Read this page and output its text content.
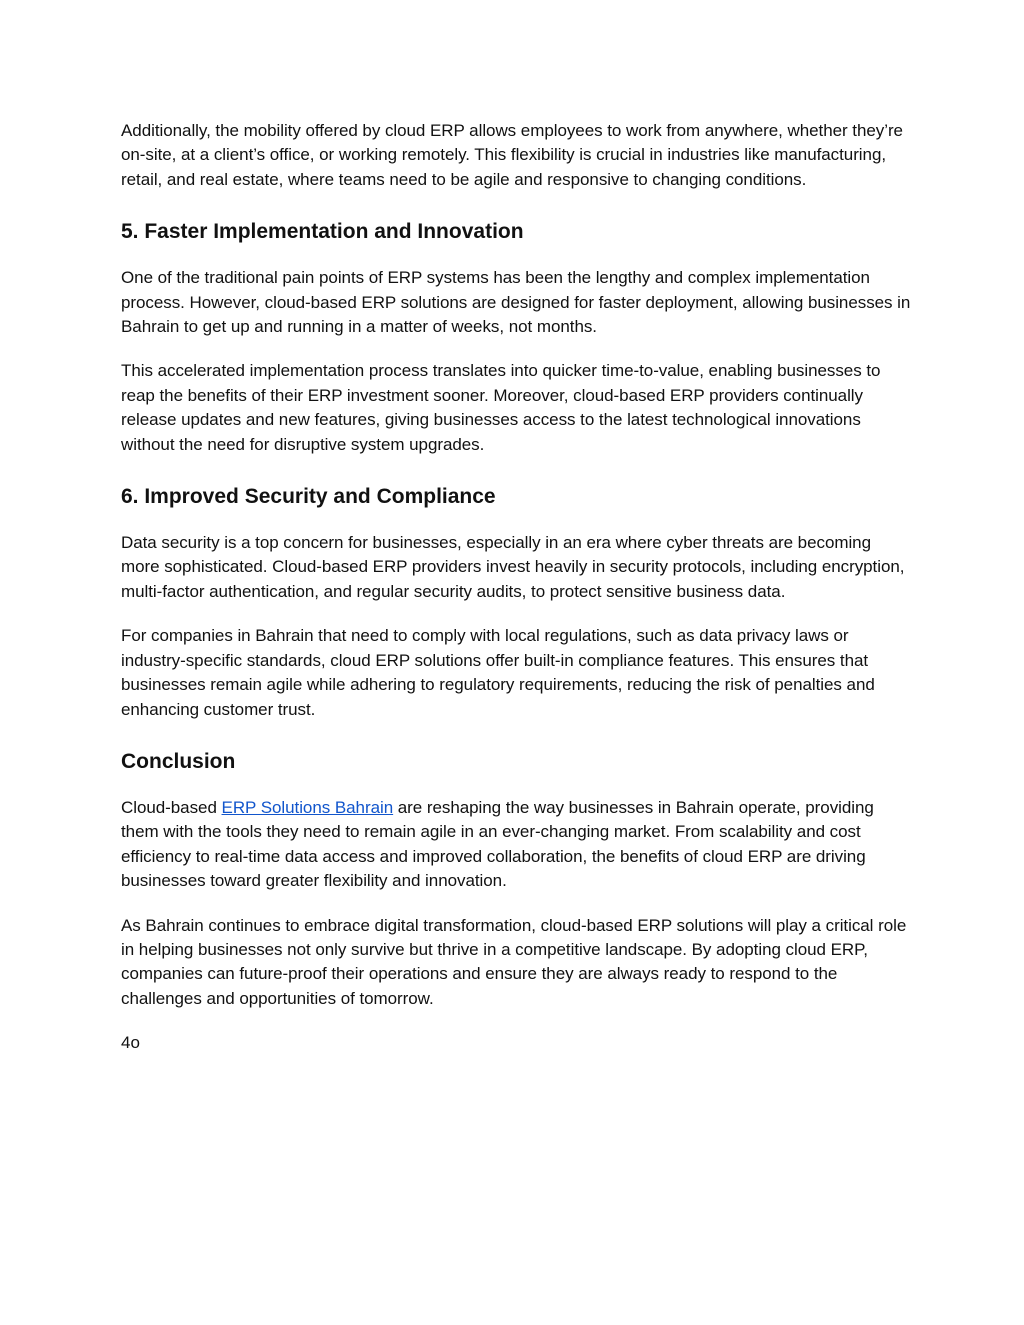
Additionally, the mobility offered by cloud ERP allows employees to work from anywhere, whether they’re on-site, at a client’s office, or working remotely. This flexibility is crucial in industries like manufacturing, retail, and real estate, where teams need to be agile and responsive to changing conditions.

5. Faster Implementation and Innovation

One of the traditional pain points of ERP systems has been the lengthy and complex implementation process. However, cloud-based ERP solutions are designed for faster deployment, allowing businesses in Bahrain to get up and running in a matter of weeks, not months.

This accelerated implementation process translates into quicker time-to-value, enabling businesses to reap the benefits of their ERP investment sooner. Moreover, cloud-based ERP providers continually release updates and new features, giving businesses access to the latest technological innovations without the need for disruptive system upgrades.

6. Improved Security and Compliance

Data security is a top concern for businesses, especially in an era where cyber threats are becoming more sophisticated. Cloud-based ERP providers invest heavily in security protocols, including encryption, multi-factor authentication, and regular security audits, to protect sensitive business data.

For companies in Bahrain that need to comply with local regulations, such as data privacy laws or industry-specific standards, cloud ERP solutions offer built-in compliance features. This ensures that businesses remain agile while adhering to regulatory requirements, reducing the risk of penalties and enhancing customer trust.

Conclusion

Cloud-based ERP Solutions Bahrain are reshaping the way businesses in Bahrain operate, providing them with the tools they need to remain agile in an ever-changing market. From scalability and cost efficiency to real-time data access and improved collaboration, the benefits of cloud ERP are driving businesses toward greater flexibility and innovation.

As Bahrain continues to embrace digital transformation, cloud-based ERP solutions will play a critical role in helping businesses not only survive but thrive in a competitive landscape. By adopting cloud ERP, companies can future-proof their operations and ensure they are always ready to respond to the challenges and opportunities of tomorrow.

4o
